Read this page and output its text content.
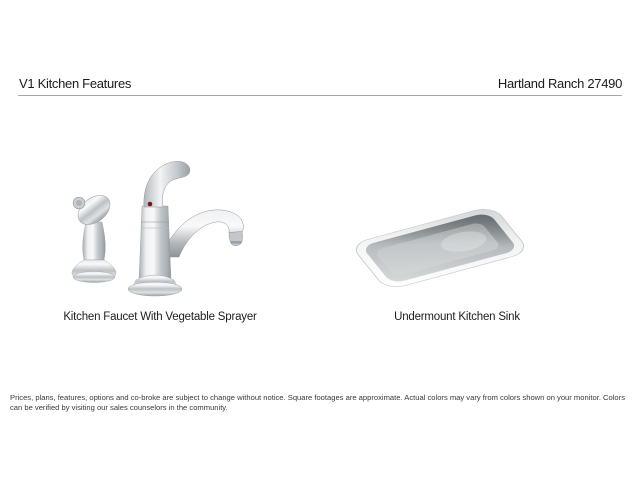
V1 Kitchen Features	Hartland Ranch 27490
Kitchen Faucet With Vegetable Sprayer	Undermount Kitchen Sink
Prices, plans, features, options and co-broke are subject to change without notice. Square footages are approximate. Actual colors may vary from colors shown on your monitor. Colors can be verified by visiting our sales counselors in the community.
